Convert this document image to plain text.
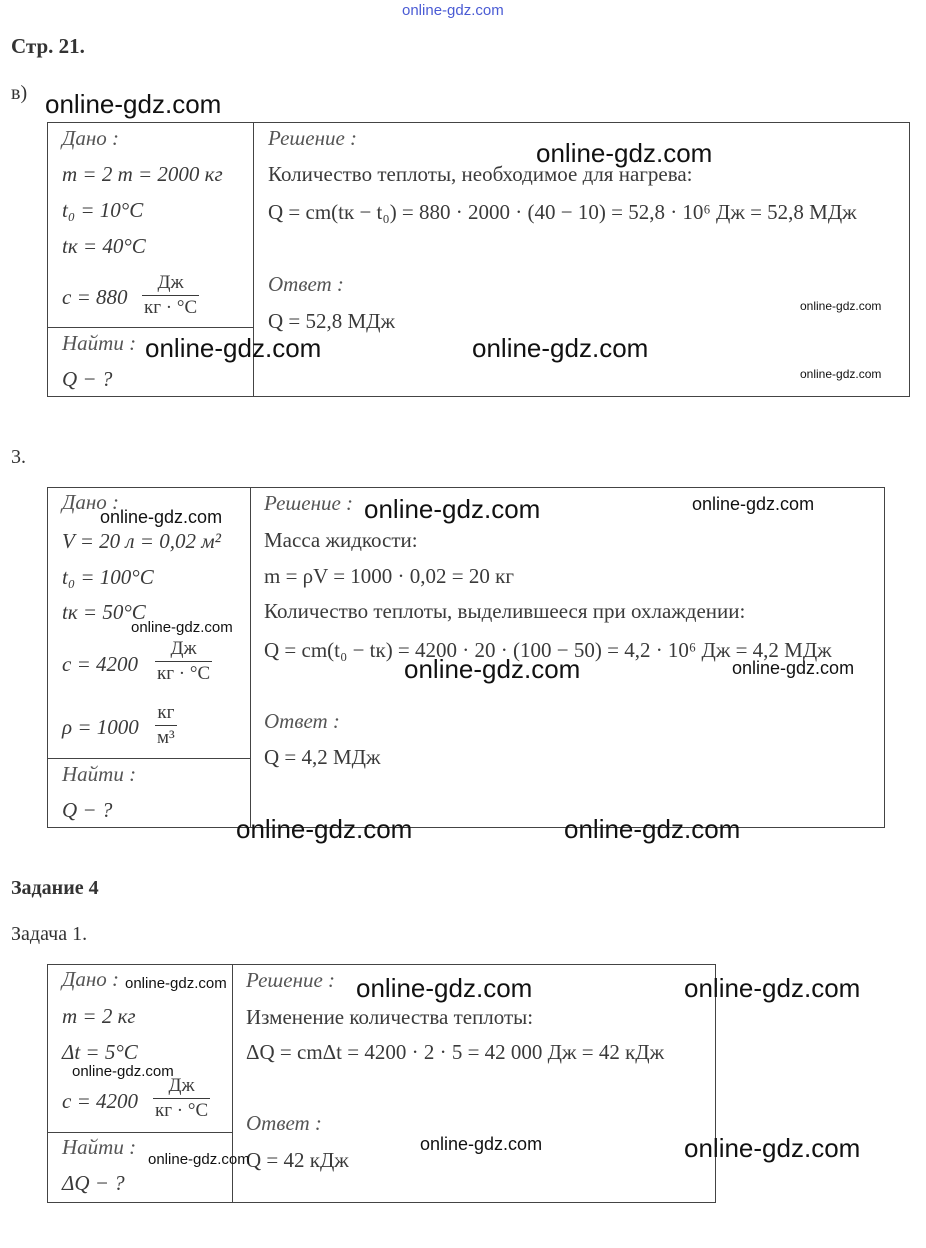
online-gdz.com
Стр. 21.
в)
Дано :
m = 2 т = 2000 кг
t₀ = 10°C
tк = 40°C
c = 880
Дж
кг · °С
Найти :
Q − ?
Решение :
Количество теплоты, необходимое для нагрева:
Q = cm(tк − t₀) = 880 · 2000 · (40 − 10) = 52,8 · 10⁶ Дж = 52,8 МДж
Ответ :
Q = 52,8 МДж
3.
Дано :
V = 20 л = 0,02 м²
t₀ = 100°C
tк = 50°C
c = 4200
Дж
кг · °С
ρ = 1000
кг
м³
Найти :
Q − ?
Решение :
Масса жидкости:
m = ρV = 1000 · 0,02 = 20 кг
Количество теплоты, выделившееся при охлаждении:
Q = cm(t₀ − tк) = 4200 · 20 · (100 − 50) = 4,2 · 10⁶ Дж = 4,2 МДж
Ответ :
Q = 4,2 МДж
Задание 4
Задача 1.
Дано :
m = 2 кг
Δt = 5°C
c = 4200
Дж
кг · °С
Найти :
ΔQ − ?
Решение :
Изменение количества теплоты:
ΔQ = cmΔt = 4200 · 2 · 5 = 42 000 Дж = 42 кДж
Ответ :
Q = 42 кДж
online-gdz.com
online-gdz.com
online-gdz.com
online-gdz.com	online-gdz.com
online-gdz.com
online-gdz.com
online-gdz.com
online-gdz.com
online-gdz.com
online-gdz.com	online-gdz.com
online-gdz.com	online-gdz.com
online-gdz.com	online-gdz.com	online-gdz.com
online-gdz.com
online-gdz.com	online-gdz.com
online-gdz.com
